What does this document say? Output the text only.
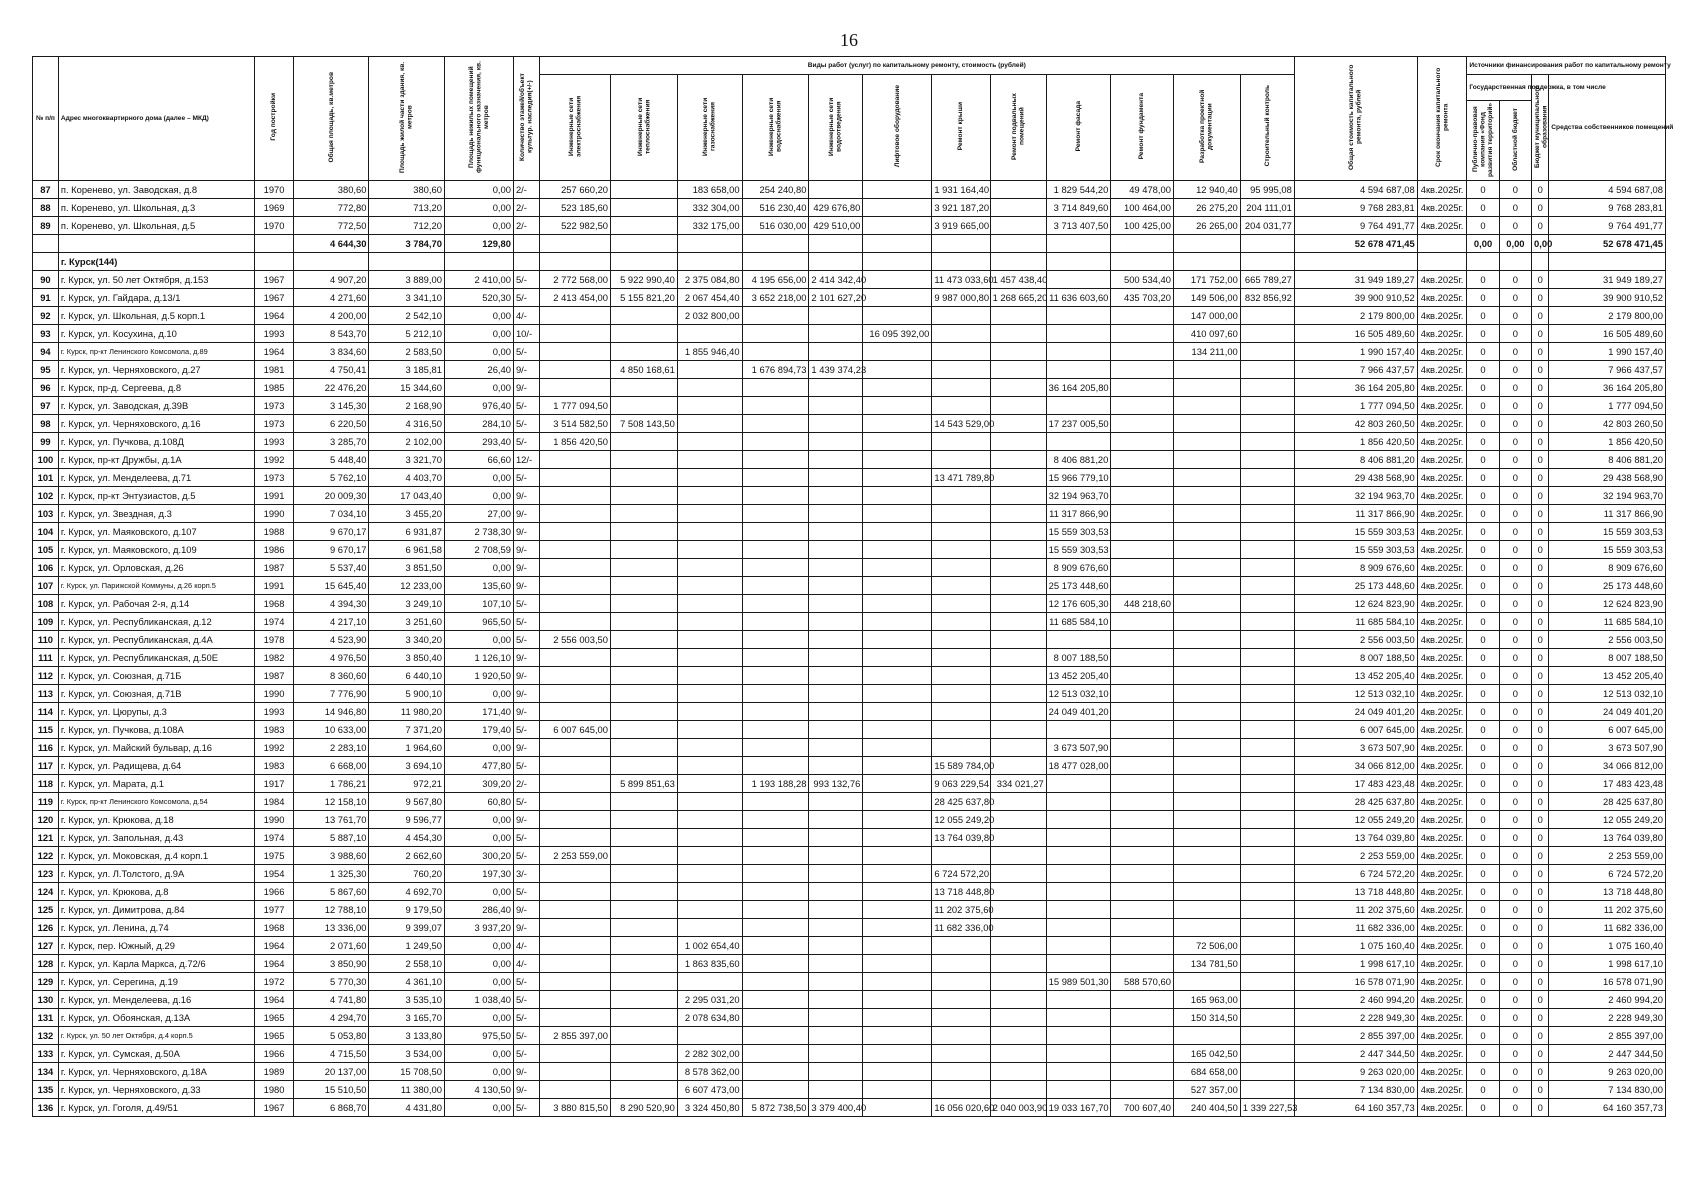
16
№ п/п	Адрес многоквартирного дома (далее – МКД)	Год постройки	Общая площадь, кв.метров	Площадь жилой части здания, кв. метров	Площадь нежилых помещений функционального назначения, кв. метров	Количество этажей/объект культур. наследия(+/-)	Виды работ (услуг) по капитальному ремонту, стоимость (рублей)												Общая стоимость капитального ремонта, рублей	Срок окончания капитального ремонта	Источники финансирования работ по капитальному ремонту			
							Инженерные сети электроснабжения	Инженерные сети теплоснабжения	Инженерные сети газоснабжения	Инженерные сети водоснабжения	Инженерные сети водоотведения	Лифтовое оборудование	Ремонт крыши	Ремонт подвальных помещений	Ремонт фасада	Ремонт фундамента	Разработка проектной документации	Строительный контроль			Государственная поддержка, в том числе		Бюджет муниципального образования	Средства собственников помещений
																					Публично-правовая компания «Фонд развития территорий»	Областной бюджет		
87	п. Коренево, ул. Заводская, д.8	1970	380,60	380,60	0,00	2/-	257 660,20		183 658,00	254 240,80			1 931 164,40		1 829 544,20	49 478,00	12 940,40	95 995,08	4 594 687,08	4кв.2025г.	0	0	0	4 594 687,08
88	п. Коренево, ул. Школьная, д.3	1969	772,80	713,20	0,00	2/-	523 185,60		332 304,00	516 230,40	429 676,80		3 921 187,20		3 714 849,60	100 464,00	26 275,20	204 111,01	9 768 283,81	4кв.2025г.	0	0	0	9 768 283,81
89	п. Коренево, ул. Школьная, д.5	1970	772,50	712,20	0,00	2/-	522 982,50		332 175,00	516 030,00	429 510,00		3 919 665,00		3 713 407,50	100 425,00	26 265,00	204 031,77	9 764 491,77	4кв.2025г.	0	0	0	9 764 491,77
			4 644,30	3 784,70	129,80														52 678 471,45		0,00	0,00	0,00	52 678 471,45
	г. Курск(144)																							
90	г. Курск, ул. 50 лет Октября, д.153	1967	4 907,20	3 889,00	2 410,00	5/-	2 772 568,00	5 922 990,40	2 375 084,80	4 195 656,00	2 414 342,40		11 473 033,60	1 457 438,40		500 534,40	171 752,00	665 789,27	31 949 189,27	4кв.2025г.	0	0	0	31 949 189,27
91	г. Курск, ул. Гайдара, д.13/1	1967	4 271,60	3 341,10	520,30	5/-	2 413 454,00	5 155 821,20	2 067 454,40	3 652 218,00	2 101 627,20		9 987 000,80	1 268 665,20	11 636 603,60	435 703,20	149 506,00	832 856,92	39 900 910,52	4кв.2025г.	0	0	0	39 900 910,52
92	г. Курск, ул. Школьная, д.5 корп.1	1964	4 200,00	2 542,10	0,00	4/-			2 032 800,00								147 000,00		2 179 800,00	4кв.2025г.	0	0	0	2 179 800,00
93	г. Курск, ул. Косухина, д.10	1993	8 543,70	5 212,10	0,00	10/-						16 095 392,00					410 097,60		16 505 489,60	4кв.2025г.	0	0	0	16 505 489,60
94	г. Курск, пр-кт Ленинского Комсомола, д.89	1964	3 834,60	2 583,50	0,00	5/-			1 855 946,40								134 211,00		1 990 157,40	4кв.2025г.	0	0	0	1 990 157,40
95	г. Курск, ул. Черняховского, д.27	1981	4 750,41	3 185,81	26,40	9/-		4 850 168,61		1 676 894,73	1 439 374,23								7 966 437,57	4кв.2025г.	0	0	0	7 966 437,57
96	г. Курск, пр-д. Сергеева, д.8	1985	22 476,20	15 344,60	0,00	9/-									36 164 205,80				36 164 205,80	4кв.2025г.	0	0	0	36 164 205,80
97	г. Курск, ул. Заводская, д.39В	1973	3 145,30	2 168,90	976,40	5/-	1 777 094,50												1 777 094,50	4кв.2025г.	0	0	0	1 777 094,50
98	г. Курск, ул. Черняховского, д.16	1973	6 220,50	4 316,50	284,10	5/-	3 514 582,50	7 508 143,50					14 543 529,00		17 237 005,50				42 803 260,50	4кв.2025г.	0	0	0	42 803 260,50
99	г. Курск, ул. Пучкова, д.108Д	1993	3 285,70	2 102,00	293,40	5/-	1 856 420,50												1 856 420,50	4кв.2025г.	0	0	0	1 856 420,50
100	г. Курск, пр-кт Дружбы, д.1А	1992	5 448,40	3 321,70	66,60	12/-									8 406 881,20				8 406 881,20	4кв.2025г.	0	0	0	8 406 881,20
101	г. Курск, ул. Менделеева, д.71	1973	5 762,10	4 403,70	0,00	5/-							13 471 789,80		15 966 779,10				29 438 568,90	4кв.2025г.	0	0	0	29 438 568,90
102	г. Курск, пр-кт Энтузиастов, д.5	1991	20 009,30	17 043,40	0,00	9/-									32 194 963,70				32 194 963,70	4кв.2025г.	0	0	0	32 194 963,70
103	г. Курск, ул. Звездная, д.3	1990	7 034,10	3 455,20	27,00	9/-									11 317 866,90				11 317 866,90	4кв.2025г.	0	0	0	11 317 866,90
104	г. Курск, ул. Маяковского, д.107	1988	9 670,17	6 931,87	2 738,30	9/-									15 559 303,53				15 559 303,53	4кв.2025г.	0	0	0	15 559 303,53
105	г. Курск, ул. Маяковского, д.109	1986	9 670,17	6 961,58	2 708,59	9/-									15 559 303,53				15 559 303,53	4кв.2025г.	0	0	0	15 559 303,53
106	г. Курск, ул. Орловская, д.26	1987	5 537,40	3 851,50	0,00	9/-									8 909 676,60				8 909 676,60	4кв.2025г.	0	0	0	8 909 676,60
107	г. Курск, ул. Парижской Коммуны, д.26 корп.5	1991	15 645,40	12 233,00	135,60	9/-									25 173 448,60				25 173 448,60	4кв.2025г.	0	0	0	25 173 448,60
108	г. Курск, ул. Рабочая 2-я, д.14	1968	4 394,30	3 249,10	107,10	5/-									12 176 605,30	448 218,60			12 624 823,90	4кв.2025г.	0	0	0	12 624 823,90
109	г. Курск, ул. Республиканская, д.12	1974	4 217,10	3 251,60	965,50	5/-									11 685 584,10				11 685 584,10	4кв.2025г.	0	0	0	11 685 584,10
110	г. Курск, ул. Республиканская, д.4А	1978	4 523,90	3 340,20	0,00	5/-	2 556 003,50												2 556 003,50	4кв.2025г.	0	0	0	2 556 003,50
111	г. Курск, ул. Республиканская, д.50Е	1982	4 976,50	3 850,40	1 126,10	9/-									8 007 188,50				8 007 188,50	4кв.2025г.	0	0	0	8 007 188,50
112	г. Курск, ул. Союзная, д.71Б	1987	8 360,60	6 440,10	1 920,50	9/-									13 452 205,40				13 452 205,40	4кв.2025г.	0	0	0	13 452 205,40
113	г. Курск, ул. Союзная, д.71В	1990	7 776,90	5 900,10	0,00	9/-									12 513 032,10				12 513 032,10	4кв.2025г.	0	0	0	12 513 032,10
114	г. Курск, ул. Цюрупы, д.3	1993	14 946,80	11 980,20	171,40	9/-									24 049 401,20				24 049 401,20	4кв.2025г.	0	0	0	24 049 401,20
115	г. Курск, ул. Пучкова, д.108А	1983	10 633,00	7 371,20	179,40	5/-	6 007 645,00												6 007 645,00	4кв.2025г.	0	0	0	6 007 645,00
116	г. Курск, ул. Майский бульвар, д.16	1992	2 283,10	1 964,60	0,00	9/-									3 673 507,90				3 673 507,90	4кв.2025г.	0	0	0	3 673 507,90
117	г. Курск, ул. Радищева, д.64	1983	6 668,00	3 694,10	477,80	5/-							15 589 784,00		18 477 028,00				34 066 812,00	4кв.2025г.	0	0	0	34 066 812,00
118	г. Курск, ул. Марата, д.1	1917	1 786,21	972,21	309,20	2/-		5 899 851,63		1 193 188,28	993 132,76		9 063 229,54	334 021,27					17 483 423,48	4кв.2025г.	0	0	0	17 483 423,48
119	г. Курск, пр-кт Ленинского Комсомола, д.54	1984	12 158,10	9 567,80	60,80	5/-							28 425 637,80						28 425 637,80	4кв.2025г.	0	0	0	28 425 637,80
120	г. Курск, ул. Крюкова, д.18	1990	13 761,70	9 596,77	0,00	9/-							12 055 249,20						12 055 249,20	4кв.2025г.	0	0	0	12 055 249,20
121	г. Курск, ул. Запольная, д.43	1974	5 887,10	4 454,30	0,00	5/-							13 764 039,80						13 764 039,80	4кв.2025г.	0	0	0	13 764 039,80
122	г. Курск, ул. Моковская, д.4 корп.1	1975	3 988,60	2 662,60	300,20	5/-	2 253 559,00												2 253 559,00	4кв.2025г.	0	0	0	2 253 559,00
123	г. Курск, ул. Л.Толстого, д.9А	1954	1 325,30	760,20	197,30	3/-							6 724 572,20						6 724 572,20	4кв.2025г.	0	0	0	6 724 572,20
124	г. Курск, ул. Крюкова, д.8	1966	5 867,60	4 692,70	0,00	5/-							13 718 448,80						13 718 448,80	4кв.2025г.	0	0	0	13 718 448,80
125	г. Курск, ул. Димитрова, д.84	1977	12 788,10	9 179,50	286,40	9/-							11 202 375,60						11 202 375,60	4кв.2025г.	0	0	0	11 202 375,60
126	г. Курск, ул. Ленина, д.74	1968	13 336,00	9 399,07	3 937,20	9/-							11 682 336,00						11 682 336,00	4кв.2025г.	0	0	0	11 682 336,00
127	г. Курск, пер. Южный, д.29	1964	2 071,60	1 249,50	0,00	4/-			1 002 654,40								72 506,00		1 075 160,40	4кв.2025г.	0	0	0	1 075 160,40
128	г. Курск, ул. Карла Маркса, д.72/6	1964	3 850,90	2 558,10	0,00	4/-			1 863 835,60								134 781,50		1 998 617,10	4кв.2025г.	0	0	0	1 998 617,10
129	г. Курск, ул. Серегина, д.19	1972	5 770,30	4 361,10	0,00	5/-									15 989 501,30	588 570,60			16 578 071,90	4кв.2025г.	0	0	0	16 578 071,90
130	г. Курск, ул. Менделеева, д.16	1964	4 741,80	3 535,10	1 038,40	5/-			2 295 031,20								165 963,00		2 460 994,20	4кв.2025г.	0	0	0	2 460 994,20
131	г. Курск, ул. Обоянская, д.13А	1965	4 294,70	3 165,70	0,00	5/-			2 078 634,80								150 314,50		2 228 949,30	4кв.2025г.	0	0	0	2 228 949,30
132	г. Курск, ул. 50 лет Октября, д.4 корп.5	1965	5 053,80	3 133,80	975,50	5/-	2 855 397,00												2 855 397,00	4кв.2025г.	0	0	0	2 855 397,00
133	г. Курск, ул. Сумская, д.50А	1966	4 715,50	3 534,00	0,00	5/-			2 282 302,00								165 042,50		2 447 344,50	4кв.2025г.	0	0	0	2 447 344,50
134	г. Курск, ул. Черняховского, д.18А	1989	20 137,00	15 708,50	0,00	9/-			8 578 362,00								684 658,00		9 263 020,00	4кв.2025г.	0	0	0	9 263 020,00
135	г. Курск, ул. Черняховского, д.33	1980	15 510,50	11 380,00	4 130,50	9/-			6 607 473,00								527 357,00		7 134 830,00	4кв.2025г.	0	0	0	7 134 830,00
136	г. Курск, ул. Гоголя, д.49/51	1967	6 868,70	4 431,80	0,00	5/-	3 880 815,50	8 290 520,90	3 324 450,80	5 872 738,50	3 379 400,40		16 056 020,60	2 040 003,90	19 033 167,70	700 607,40	240 404,50	1 339 227,53	64 160 357,73	4кв.2025г.	0	0	0	64 160 357,73
